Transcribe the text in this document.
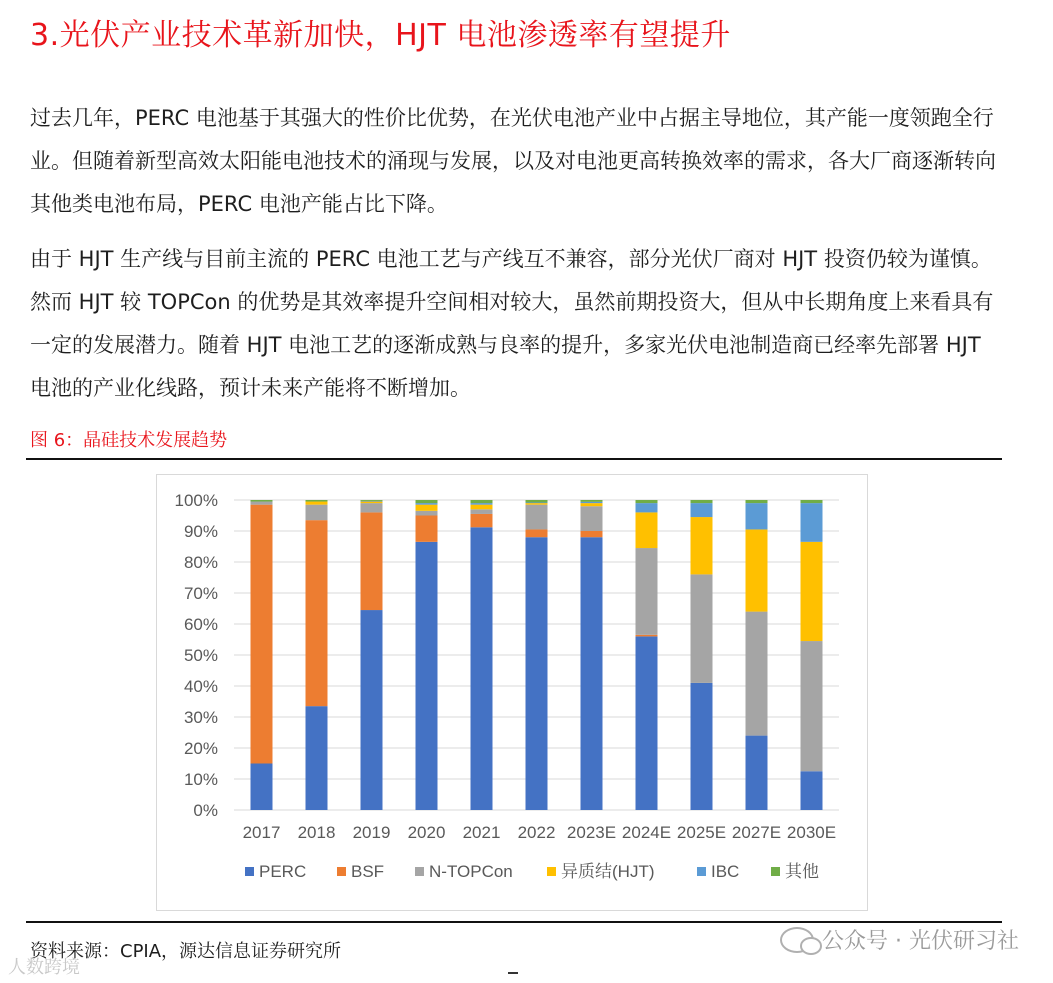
3.光伏产业技术革新加快，HJT 电池渗透率有望提升

过去几年，PERC 电池基于其强大的性价比优势，在光伏电池产业中占据主导地位，其产能一度领跑全行业。但随着新型高效太阳能电池技术的涌现与发展，以及对电池更高转换效率的需求，各大厂商逐渐转向其他类电池布局，PERC 电池产能占比下降。

由于 HJT 生产线与目前主流的 PERC 电池工艺与产线互不兼容，部分光伏厂商对 HJT 投资仍较为谨慎。然而 HJT 较 TOPCon 的优势是其效率提升空间相对较大，虽然前期投资大，但从中长期角度上来看具有一定的发展潜力。随着 HJT 电池工艺的逐渐成熟与良率的提升，多家光伏电池制造商已经率先部署 HJT 电池的产业化线路，预计未来产能将不断增加。

图 6：晶硅技术发展趋势
0%
10%
20%
30%
40%
50%
60%
70%
80%
90%
100%
2017 2018 2019 2020 2021 2022 2023E 2024E 2025E 2027E 2030E
PERC	BSF	N-TOPCon	异质结(HJT)	IBC	其他
资料来源：CPIA，源达信息证券研究所	公众号 · 光伏研习社
人数跨境
